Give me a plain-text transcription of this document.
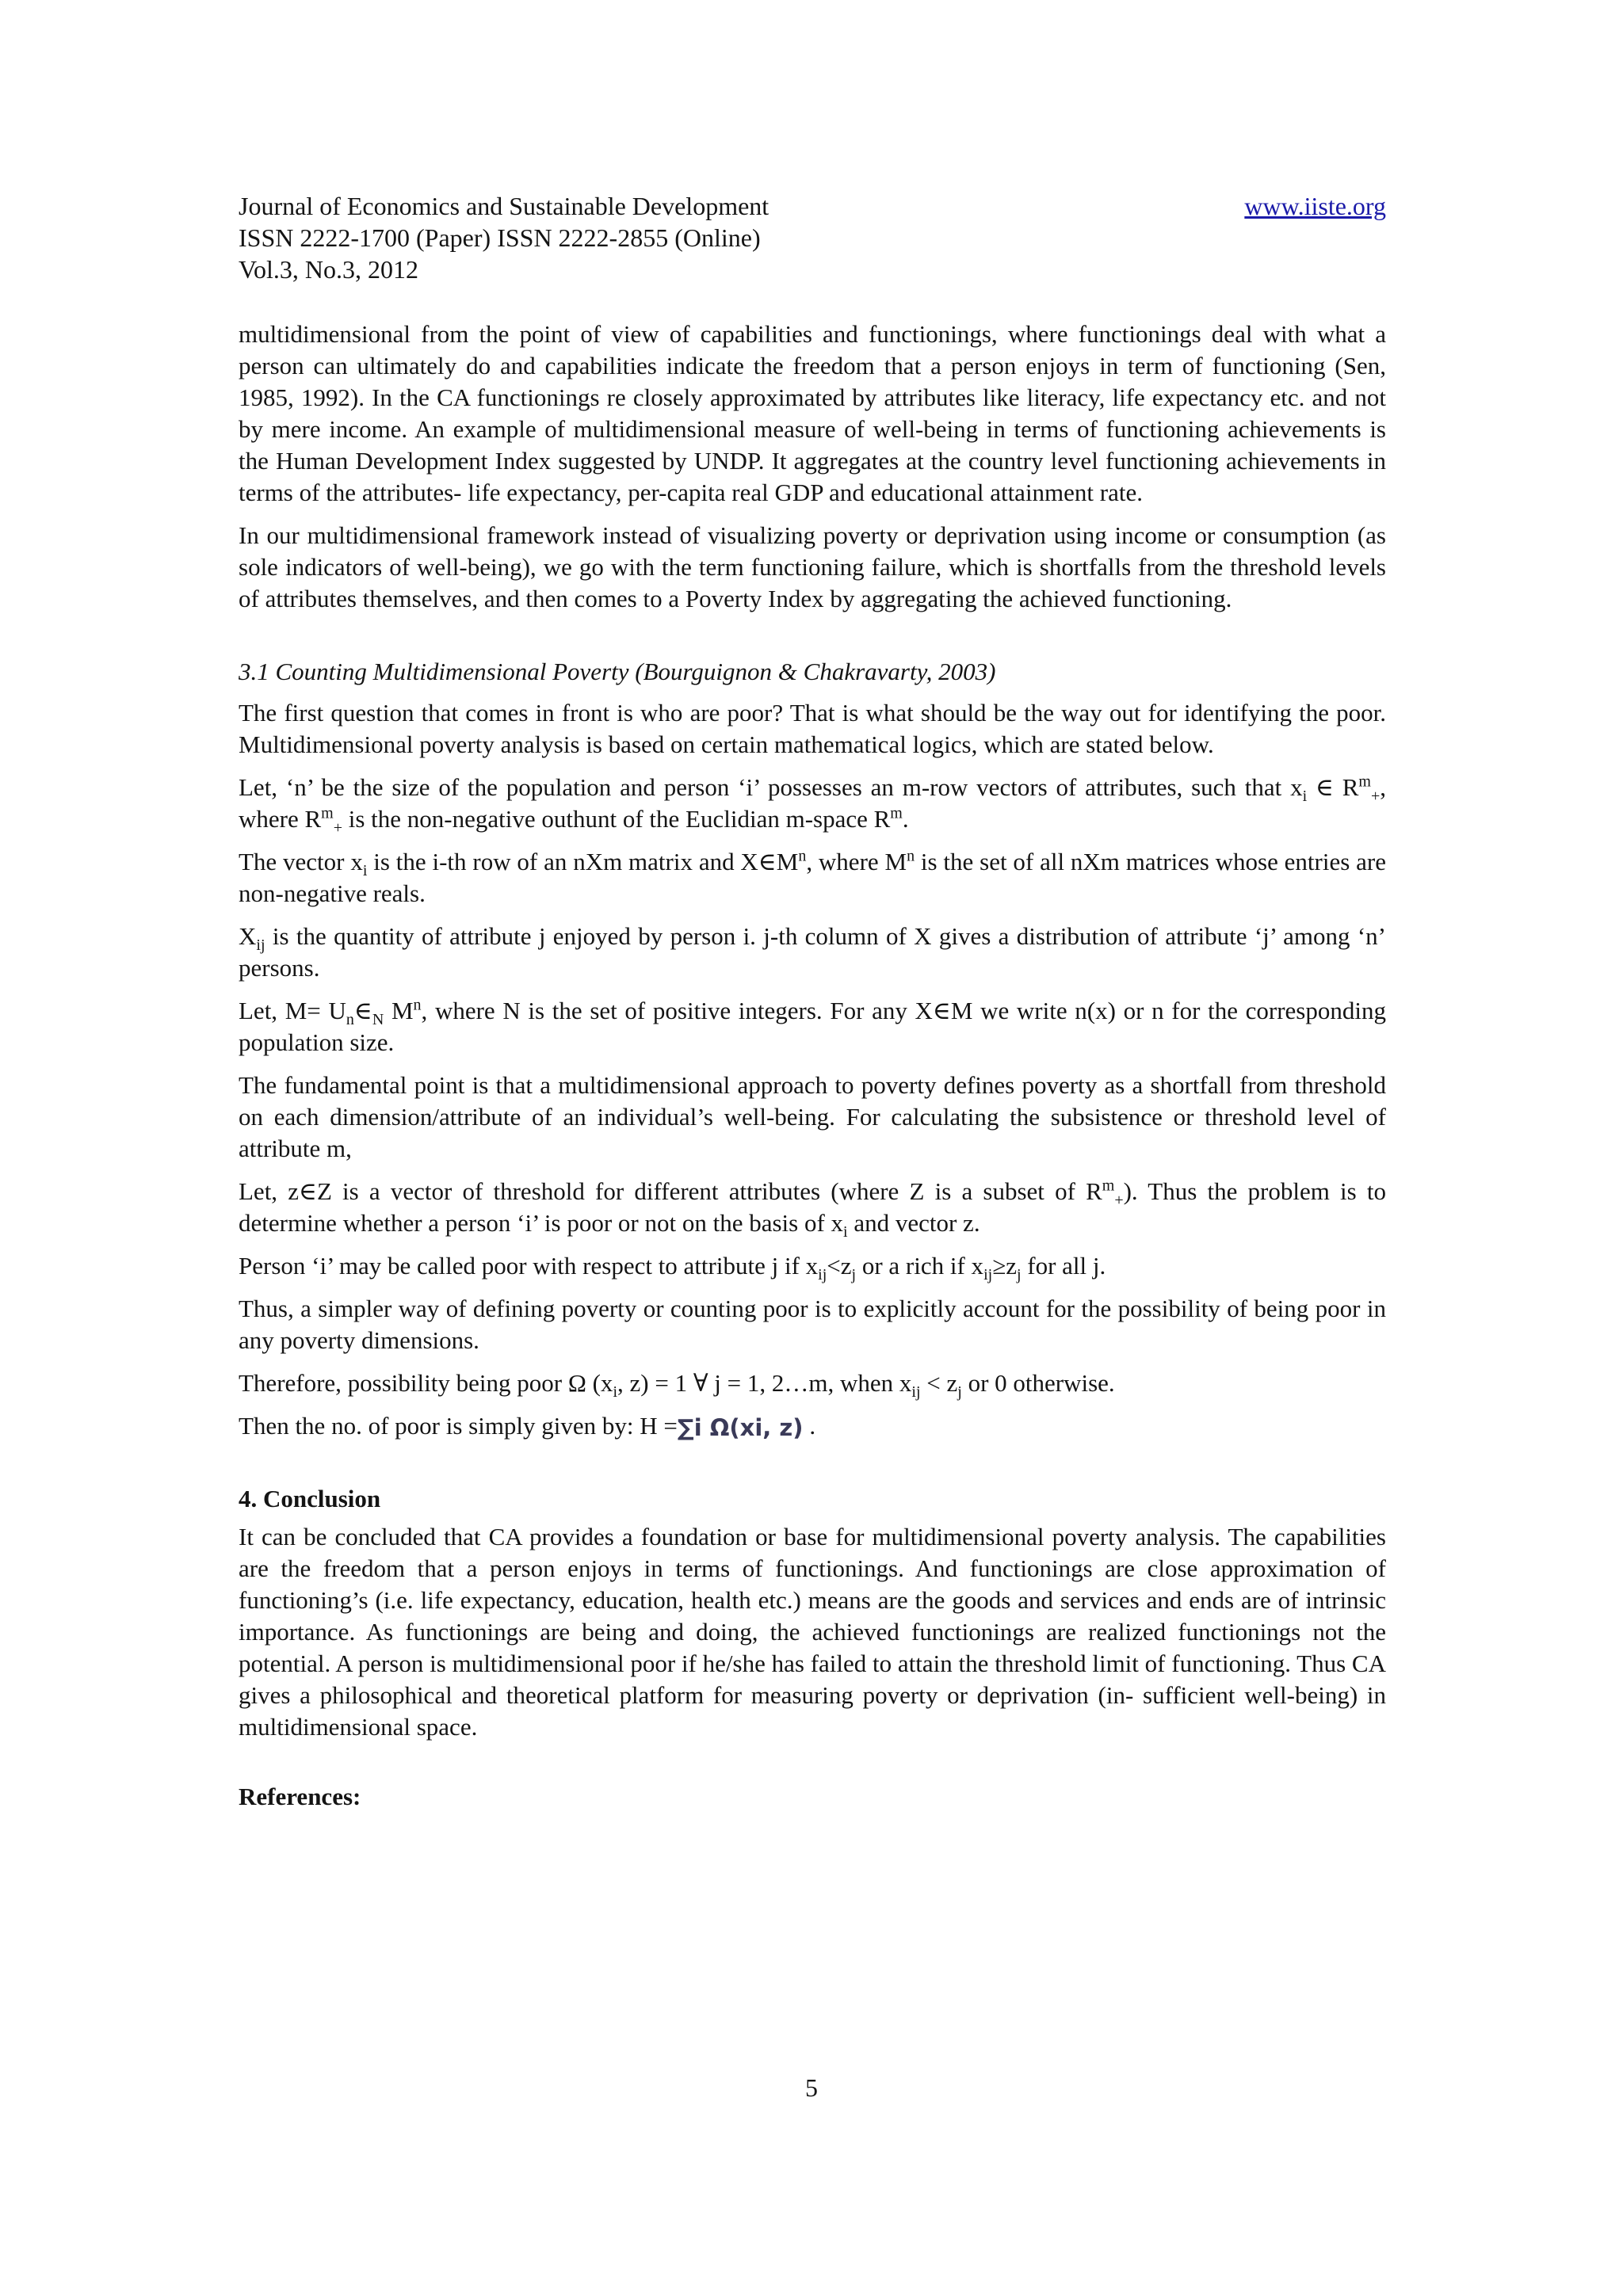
Journal of Economics and Sustainable Development	www.iiste.org
ISSN 2222-1700 (Paper) ISSN 2222-2855 (Online)
Vol.3, No.3, 2012

multidimensional from the point of view of capabilities and functionings, where functionings deal with what a person can ultimately do and capabilities indicate the freedom that a person enjoys in term of functioning (Sen, 1985, 1992). In the CA functionings re closely approximated by attributes like literacy, life expectancy etc. and not by mere income. An example of multidimensional measure of well-being in terms of functioning achievements is the Human Development Index suggested by UNDP. It aggregates at the country level functioning achievements in terms of the attributes- life expectancy, per-capita real GDP and educational attainment rate.

In our multidimensional framework instead of visualizing poverty or deprivation using income or consumption (as sole indicators of well-being), we go with the term functioning failure, which is shortfalls from the threshold levels of attributes themselves, and then comes to a Poverty Index by aggregating the achieved functioning.

3.1 Counting Multidimensional Poverty (Bourguignon & Chakravarty, 2003)

The first question that comes in front is who are poor? That is what should be the way out for identifying the poor. Multidimensional poverty analysis is based on certain mathematical logics, which are stated below.

Let, ‘n’ be the size of the population and person ‘i’ possesses an m-row vectors of attributes, such that $x_i$ ∈ $R^m_+$, where $R^m_+$ is the non-negative outhunt of the Euclidian m-space $R^m$.

The vector $x_i$ is the i-th row of an nXm matrix and $X\in M^n$, where $M^n$ is the set of all nXm matrices whose entries are non-negative reals.

$X_{ij}$ is the quantity of attribute j enjoyed by person i. j-th column of X gives a distribution of attribute ‘j’ among ‘n’ persons.

Let, $M= U_n\in_N$ $M^n$, where N is the set of positive integers. For any X∈M we write n(x) or n for the corresponding population size.

The fundamental point is that a multidimensional approach to poverty defines poverty as a shortfall from threshold on each dimension/attribute of an individual’s well-being. For calculating the subsistence or threshold level of attribute m,

Let, z∈Z is a vector of threshold for different attributes (where Z is a subset of $R^m_+$). Thus the problem is to determine whether a person ‘i’ is poor or not on the basis of $x_i$ and vector z.

Person ‘i’ may be called poor with respect to attribute j if $x_{ij}<z_j$ or a rich if $x_{ij}\ge z_j$ for all j.

Thus, a simpler way of defining poverty or counting poor is to explicitly account for the possibility of being poor in any poverty dimensions.

Therefore, possibility being poor Ω ($x_i$, z) = 1 ∀ j = 1, 2…m, when $x_{ij} < z_j$ or 0 otherwise.

Then the no. of poor is simply given by: H =∑i Ω(xi, z) .

4. Conclusion

It can be concluded that CA provides a foundation or base for multidimensional poverty analysis. The capabilities are the freedom that a person enjoys in terms of functionings. And functionings are close approximation of functioning’s (i.e. life expectancy, education, health etc.) means are the goods and services and ends are of intrinsic importance. As functionings are being and doing, the achieved functionings are realized functionings not the potential. A person is multidimensional poor if he/she has failed to attain the threshold limit of functioning. Thus CA gives a philosophical and theoretical platform for measuring poverty or deprivation (in- sufficient well-being) in multidimensional space.

References:
5
